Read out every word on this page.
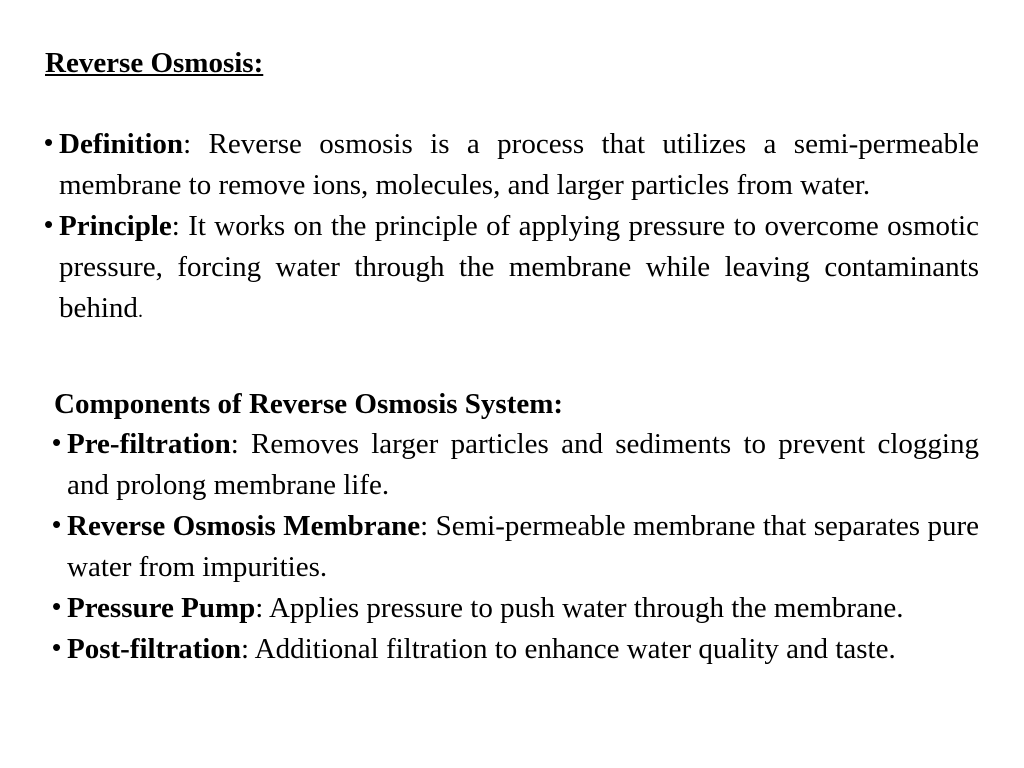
Reverse Osmosis:
• Definition: Reverse osmosis is a process that utilizes a semi-permeable membrane to remove ions, molecules, and larger particles from water.
• Principle: It works on the principle of applying pressure to overcome osmotic pressure, forcing water through the membrane while leaving contaminants behind.
Components of Reverse Osmosis System:
• Pre-filtration: Removes larger particles and sediments to prevent clogging and prolong membrane life.
• Reverse Osmosis Membrane: Semi-permeable membrane that separates pure water from impurities.
• Pressure Pump: Applies pressure to push water through the membrane.
• Post-filtration: Additional filtration to enhance water quality and taste.
